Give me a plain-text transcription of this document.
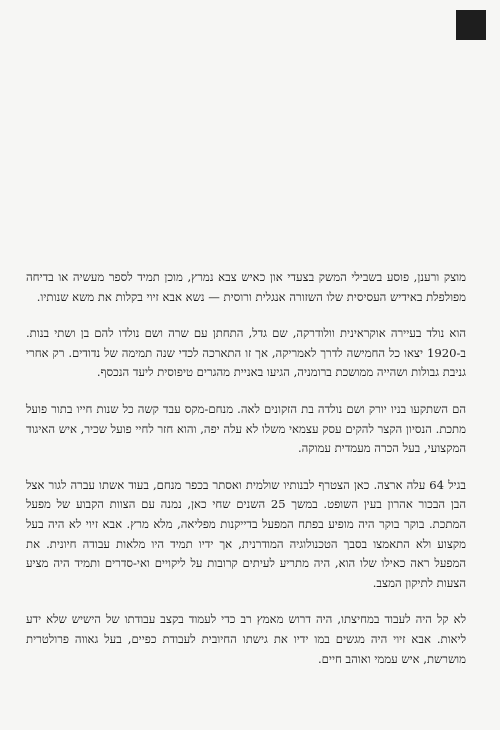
מוצק ורענן, פוסע בשבילי המשק בצעדי און כאיש צבא נמרץ, מוכן תמיד לספר מעשיה או בדיחה מפולפלת באידיש העסיסית שלו השזורה אנגלית ורוסית — נשא אבא זיוי בקלות את משא שנותיו.

הוא נולד בעיירה אוקראינית וולודרקה, שם גדל, התחתן עם שרה ושם נולדו להם בן ושתי בנות. ב-1920 יצאו כל החמישה לדרך לאמריקה, אך זו התארכה לכדי שנה תמימה של נדודים. רק אחרי גניבת גבולות ושהייה ממושכת ברומניה, הגיעו באניית מהגרים טיפוסית ליעד הנכסף.

הם השתקעו בניו יורק ושם נולדה בת הזקונים לאה. מנחם-מקס עבד קשה כל שנות חייו בתור פועל מתכת. הנסיון הקצר להקים עסק עצמאי משלו לא עלה יפה, והוא חזר לחיי פועל שכיר, איש האיגוד המקצועי, בעל הכרה מעמדית עמוקה.

בגיל 64 עלה ארצה. כאן הצטרף לבנותיו שולמית ואסתר בכפר מנחם, בעוד אשתו עברה לגור אצל הבן הבכור אהרון בעין השופט. במשך 25 השנים שחי כאן, נמנה עם הצוות הקבוע של מפעל המתכת. בוקר בוקר היה מופיע בפתח המפעל בדייקנות מפליאה, מלא מרץ. אבא זיוי לא היה בעל מקצוע ולא התאמצו בסבך הטכנולוגיה המודרנית, אך ידיו תמיד היו מלאות עבודה חיונית. את המפעל ראה כאילו שלו הוא, היה מתריע לעיתים קרובות על ליקויים ואי-סדרים ותמיד היה מציע הצעות לתיקון המצב.

לא קל היה לעבוד במחיצתו, היה דרוש מאמץ רב כדי לעמוד בקצב עבודתו של הישיש שלא ידע ליאות. אבא זיוי היה מגשים במו ידיו את גישתו החיובית לעבודת כפיים, בעל גאווה פרולטרית מושרשת, איש עממי ואוהב חיים.
